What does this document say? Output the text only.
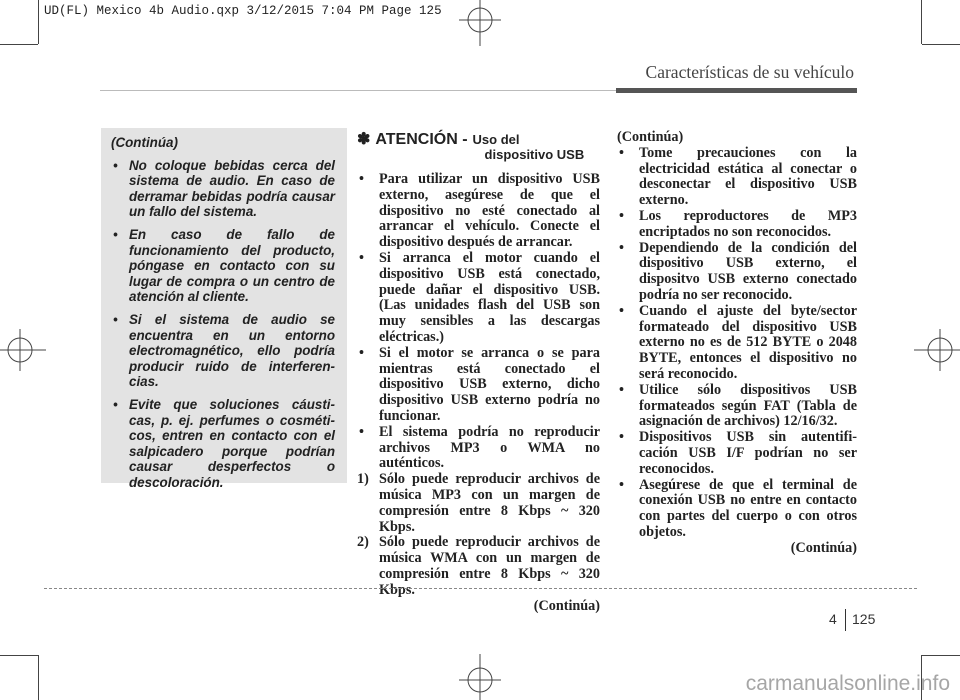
UD(FL) Mexico 4b Audio.qxp 3/12/2015 7:04 PM Page 125
Características de su vehículo
(Continúa)
• No coloque bebidas cerca del sistema de audio. En caso de derramar bebidas podría causar un fallo del sistema.
• En caso de fallo de funcionamiento del producto, póngase en contacto con su lugar de compra o un centro de atención al cliente.
• Si el sistema de audio se encuentra en un entorno electromagnético, ello podría producir ruido de interferen-cias.
• Evite que soluciones cáusti-cas, p. ej. perfumes o cosméti-cos, entren en contacto con el salpicadero porque podrían causar desperfectos o descoloración.
✽ ATENCIÓN - Uso del
dispositivo USB
• Para utilizar un dispositivo USB externo, asegúrese de que el dispositivo no esté conectado al arrancar el vehículo. Conecte el dispositivo después de arrancar.
• Si arranca el motor cuando el dispositivo USB está conectado, puede dañar el dispositivo USB. (Las unidades flash del USB son muy sensibles a las descargas eléctricas.)
• Si el motor se arranca o se para mientras está conectado el dispositivo USB externo, dicho dispositivo USB externo podría no funcionar.
• El sistema podría no reproducir archivos MP3 o WMA no auténticos.
1) Sólo puede reproducir archivos de música MP3 con un margen de compresión entre 8 Kbps ~ 320 Kbps.
2) Sólo puede reproducir archivos de música WMA con un margen de compresión entre 8 Kbps ~ 320 Kbps.
(Continúa)
(Continúa)
• Tome precauciones con la electricidad estática al conectar o desconectar el dispositivo USB externo.
• Los reproductores de MP3 encriptados no son reconocidos.
• Dependiendo de la condición del dispositivo USB externo, el dispositvo USB externo conectado podría no ser reconocido.
• Cuando el ajuste del byte/sector formateado del dispositivo USB externo no es de 512 BYTE o 2048 BYTE, entonces el dispositivo no será reconocido.
• Utilice sólo dispositivos USB formateados según FAT (Tabla de asignación de archivos) 12/16/32.
• Dispositivos USB sin autentifi-cación USB I/F podrían no ser reconocidos.
• Asegúrese de que el terminal de conexión USB no entre en contacto con partes del cuerpo o con otros objetos.
(Continúa)
4 125
carmanualsonline.info
